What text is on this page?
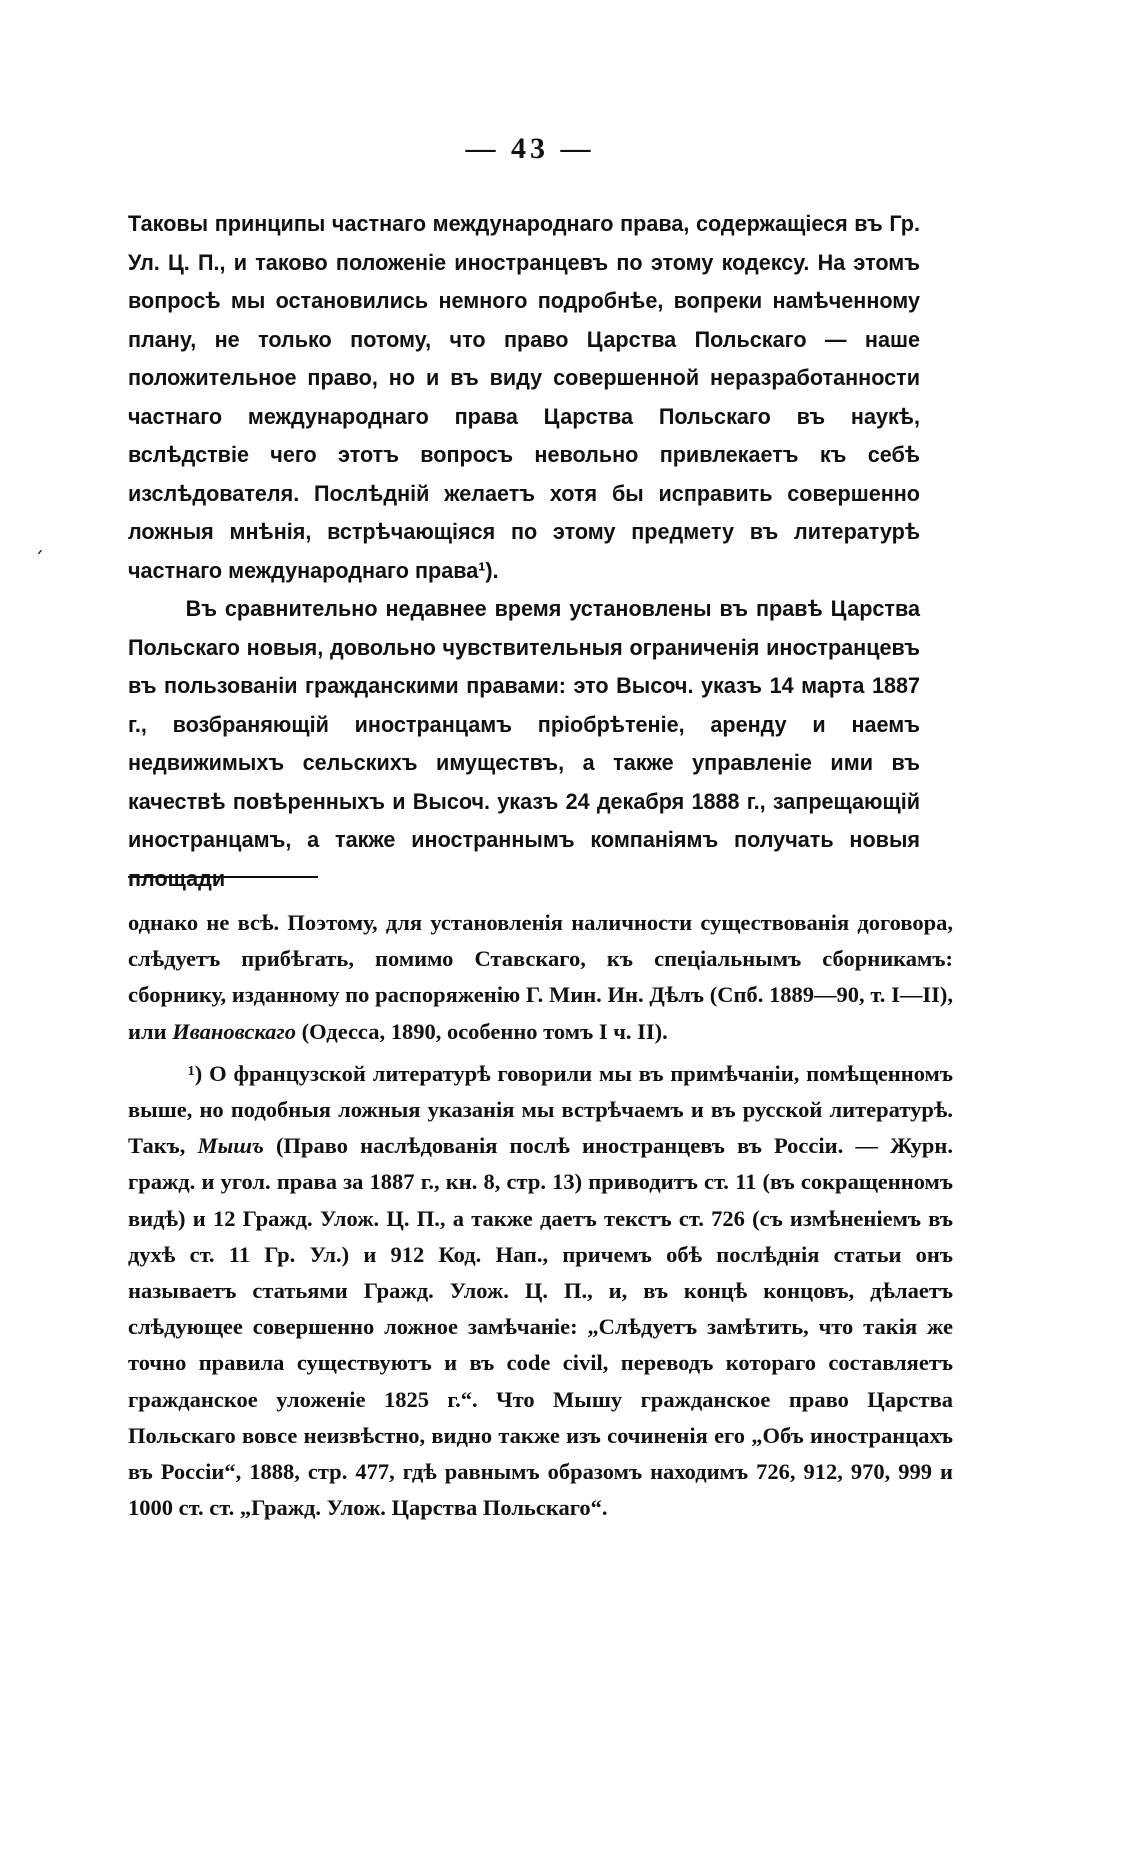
— 43 —
ˏ

Таковы принципы частнаго международнаго права, содержащіеся въ Гр. Ул. Ц. П., и таково положеніе иностранцевъ по этому кодексу. На этомъ вопросѣ мы остановились немного подробнѣе, вопреки намѣченному плану, не только потому, что право Царства Польскаго — наше положительное право, но и въ виду совершенной неразработанности частнаго международнаго права Царства Польскаго въ наукѣ, вслѣдствіе чего этотъ вопросъ невольно привлекаетъ къ себѣ изслѣдователя. Послѣдній желаетъ хотя бы исправить совершенно ложныя мнѣнія, встрѣчающіяся по этому предмету въ литературѣ частнаго международнаго права¹).

Въ сравнительно недавнее время установлены въ правѣ Царства Польскаго новыя, довольно чувствительныя ограниченія иностранцевъ въ пользованіи гражданскими правами: это Высоч. указъ 14 марта 1887 г., возбраняющій иностранцамъ пріобрѣтеніе, аренду и наемъ недвижимыхъ сельскихъ имуществъ, а также управленіе ими въ качествѣ повѣренныхъ и Высоч. указъ 24 декабря 1888 г., запрещающій иностранцамъ, а также иностраннымъ компаніямъ получать новыя площади

однако не всѣ. Поэтому, для установленія наличности существованія договора, слѣдуетъ прибѣгать, помимо Ставскаго, къ спеціальнымъ сборникамъ: сборнику, изданному по распоряженію Г. Мин. Ин. Дѣлъ (Спб. 1889—90, т. I—II), или Ивановскаго (Одесса, 1890, особенно томъ I ч. II).

¹) О французской литературѣ говорили мы въ примѣчаніи, помѣщенномъ выше, но подобныя ложныя указанія мы встрѣчаемъ и въ русской литературѣ. Такъ, Мышъ (Право наслѣдованія послѣ иностранцевъ въ Россіи. — Журн. гражд. и угол. права за 1887 г., кн. 8, стр. 13) приводитъ ст. 11 (въ сокращенномъ видѣ) и 12 Гражд. Улож. Ц. П., а также даетъ текстъ ст. 726 (съ измѣненіемъ въ духѣ ст. 11 Гр. Ул.) и 912 Код. Нап., причемъ обѣ послѣднія статьи онъ называетъ статьями Гражд. Улож. Ц. П., и, въ концѣ концовъ, дѣлаетъ слѣдующее совершенно ложное замѣчаніе: „Слѣдуетъ замѣтить, что такія же точно правила существуютъ и въ code civil, переводъ котораго составляетъ гражданское уложеніе 1825 г.“. Что Мышу гражданское право Царства Польскаго вовсе неизвѣстно, видно также изъ сочиненія его „Объ иностранцахъ въ Россіи“, 1888, стр. 477, гдѣ равнымъ образомъ находимъ 726, 912, 970, 999 и 1000 ст. ст. „Гражд. Улож. Царства Польскаго“.
